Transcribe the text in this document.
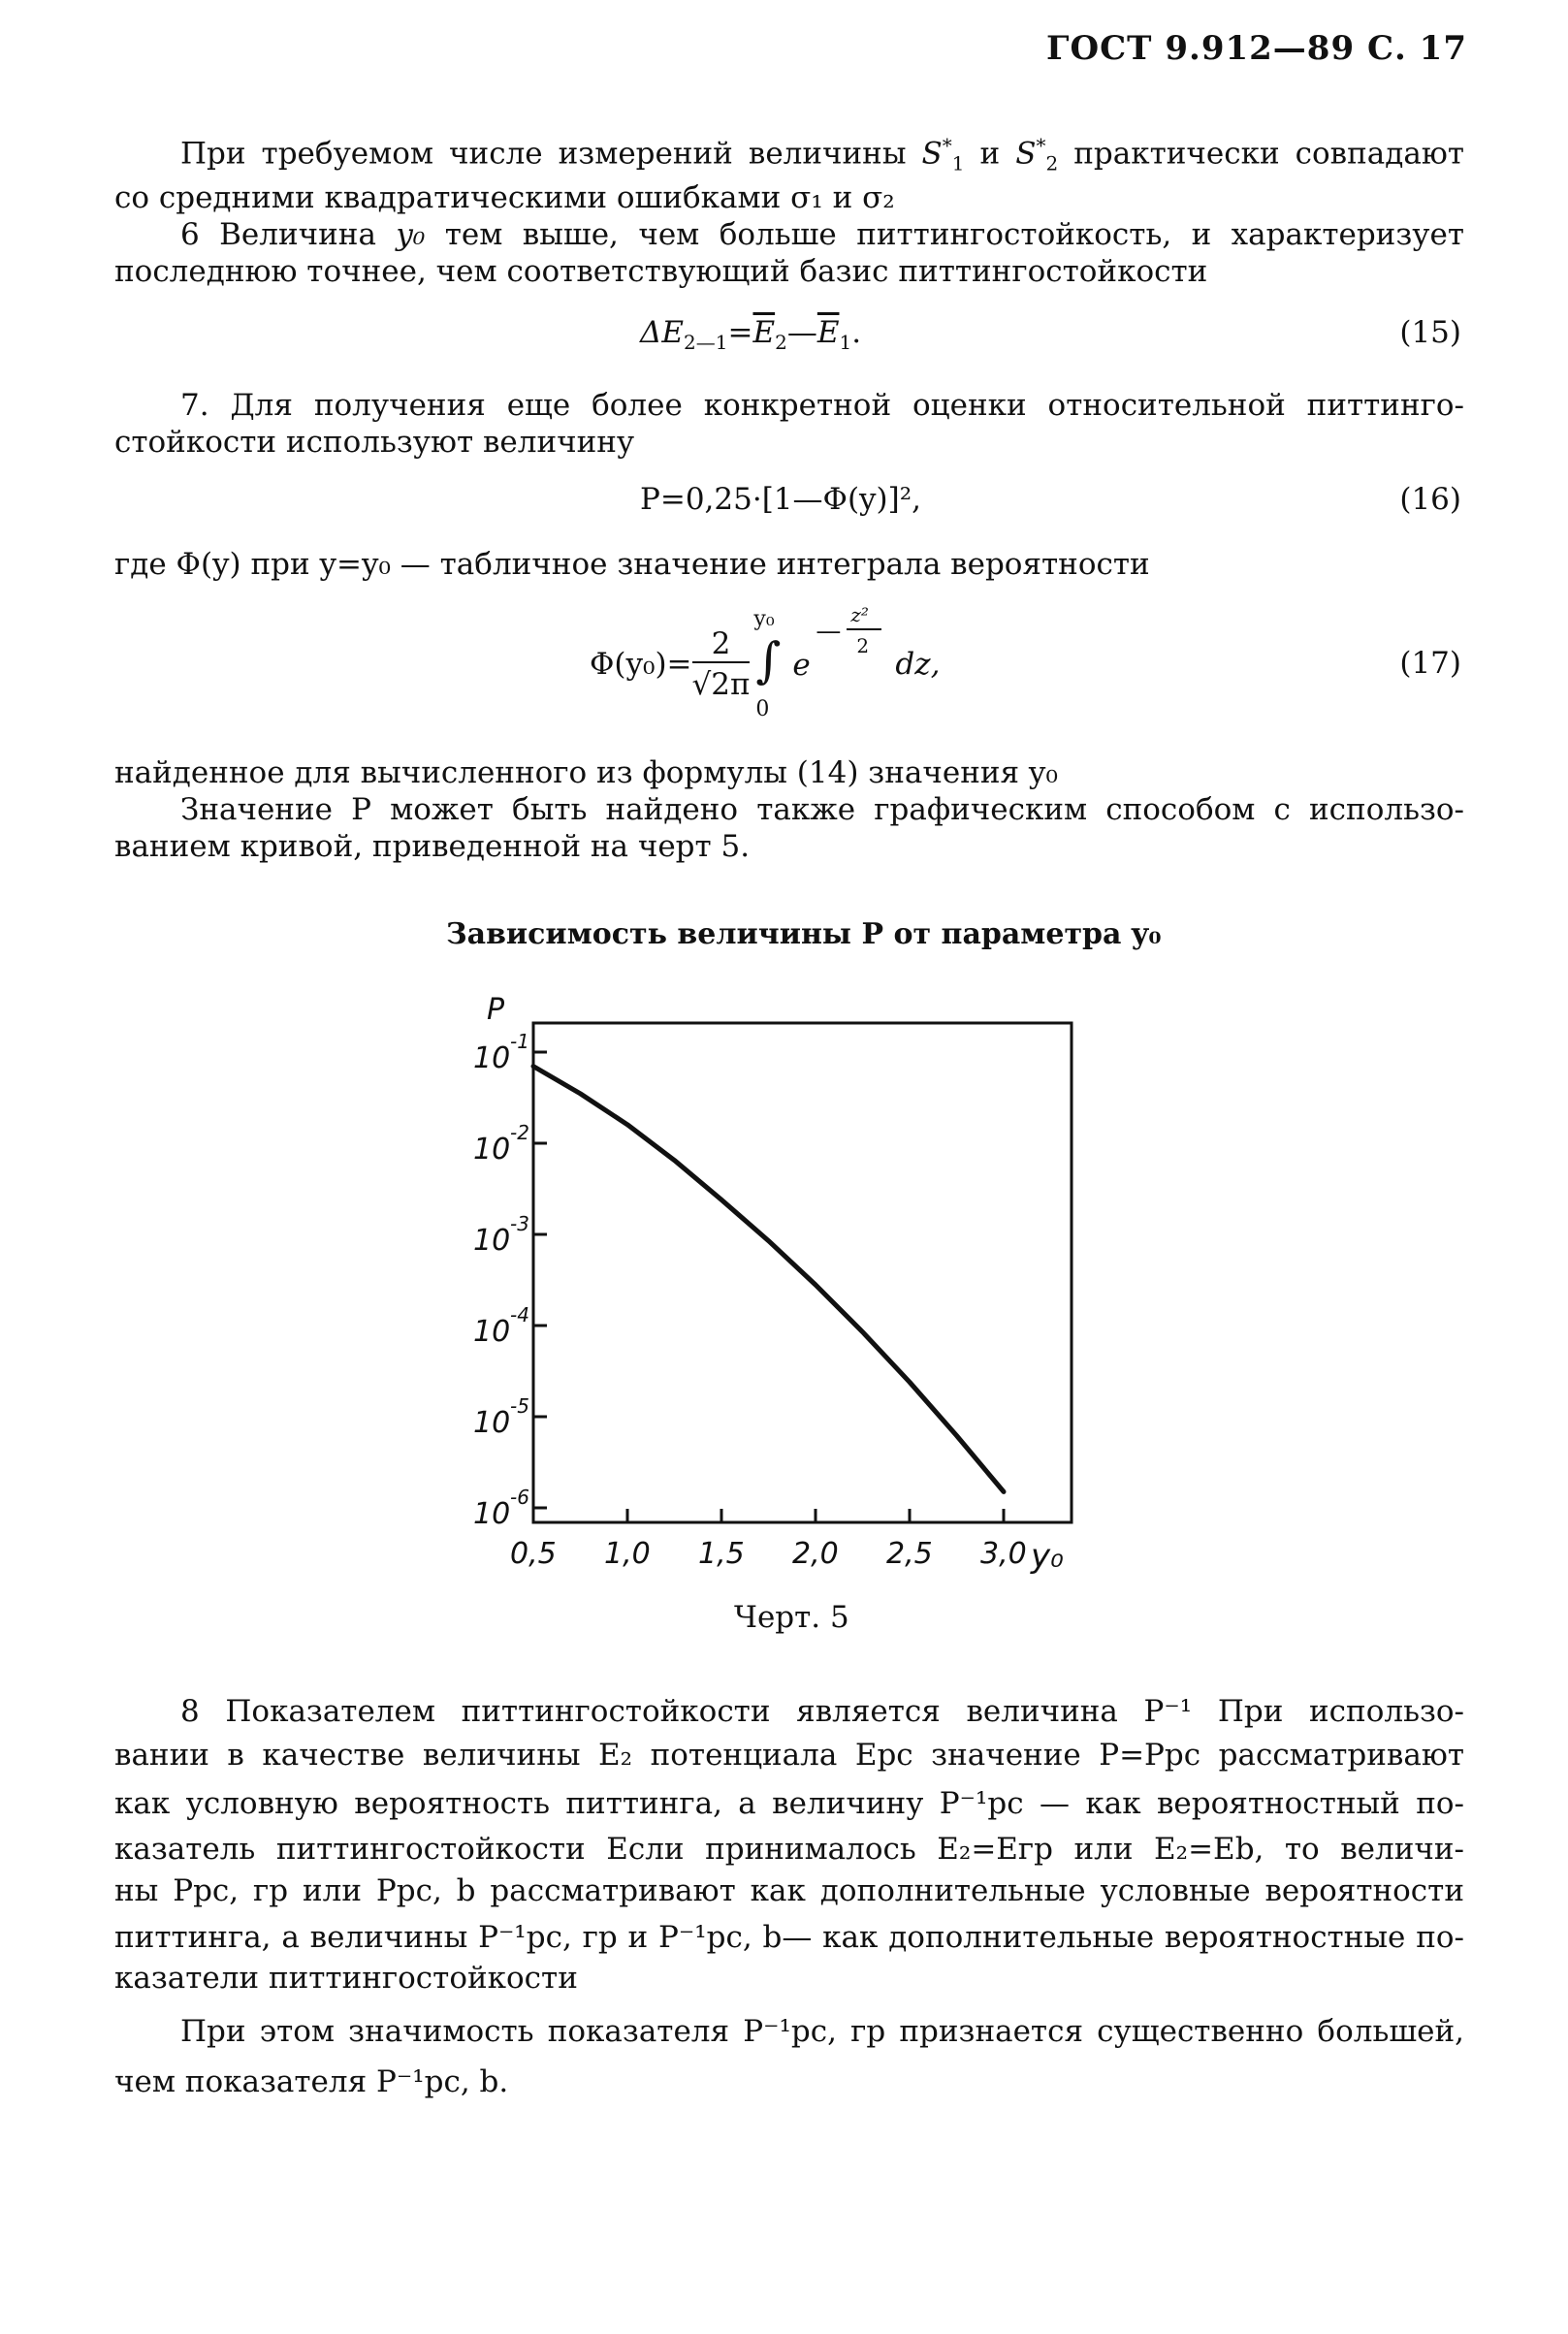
ГОСТ 9.912—89 С. 17
При требуемом числе измерений величины $S^*_1$ и $S^*_2$ практически совпадают
со средними квадратическими ошибками σ₁ и σ₂
6 Величина y₀ тем выше, чем больше питтингостойкость, и характеризует
последнюю точнее, чем соответствующий базис питтингостойкости
$\Delta E_{2—1}=\overline{E}_2—\overline{E}_1$.	(15)
7. Для получения еще более конкретной оценки относительной питтинго-
стойкости используют величину
P=0,25·[1—Φ(y)]²,	(16)
где Φ(y) при y=y₀ — табличное значение интеграла вероятности
$\Phi(y_0)= \frac{2}{√2\pi}$
y₀
∫
0
e
—
z²
2
dz,	(17)
найденное для вычисленного из формулы (14) значения y₀
Значение P может быть найдено также графическим способом с использо-
ванием кривой, приведенной на черт 5.
Зависимость величины P от параметра y₀
10 -1
10 -2
10 -3
10 -4
10 -5
10 -6
0,5 1,0 1,5 2,0 2,5 3,0
P
y₀
Черт. 5
8 Показателем питтингостойкости является величина P⁻¹ При использо-
вании в качестве величины E₂ потенциала Eрс значение P=Pрс рассматривают
как условную вероятность питтинга, а величину P⁻¹рс — как вероятностный по-
казатель питтингостойкости Если принималось E₂=Eгр или E₂=Eb, то величи-
ны Pрс, гр или Pрс, b рассматривают как дополнительные условные вероятности
питтинга, а величины P⁻¹рс, гр и P⁻¹рс, b— как дополнительные вероятностные по-
казатели питтингостойкости
При этом значимость показателя P⁻¹рс, гр признается существенно большей,
чем показателя P⁻¹рс, b.
